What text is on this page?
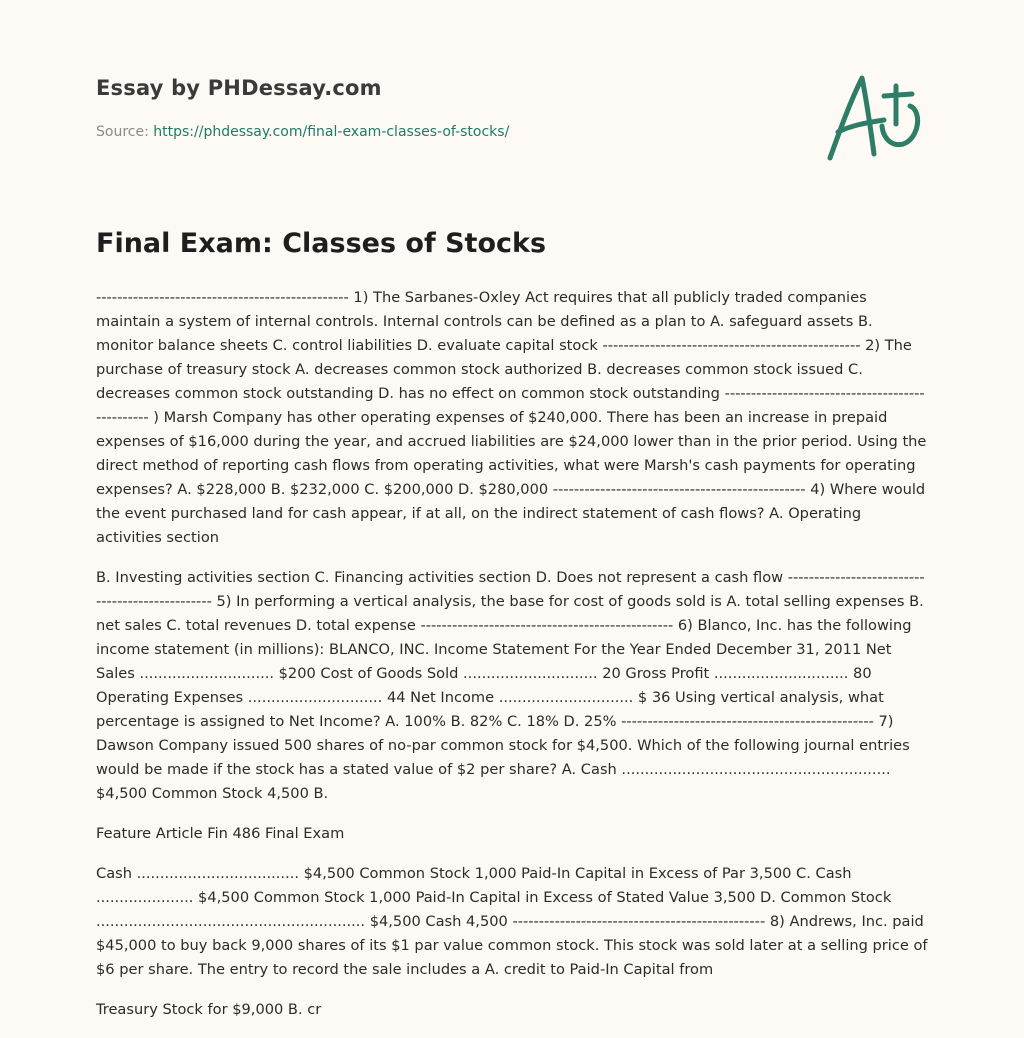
Essay by PHDessay.com
Source: https://phdessay.com/final-exam-classes-of-stocks/
Final Exam: Classes of Stocks

------------------------------------------------ 1) The Sarbanes-Oxley Act requires that all publicly traded companies maintain a system of internal controls. Internal controls can be defined as a plan to A. safeguard assets B. monitor balance sheets C. control liabilities D. evaluate capital stock ------------------------------------------------- 2) The purchase of treasury stock A. decreases common stock authorized B. decreases common stock issued C. decreases common stock outstanding D. has no effect on common stock outstanding ------------------------------------------------ ) Marsh Company has other operating expenses of $240,000. There has been an increase in prepaid expenses of $16,000 during the year, and accrued liabilities are $24,000 lower than in the prior period. Using the direct method of reporting cash flows from operating activities, what were Marsh's cash payments for operating expenses? A. $228,000 B. $232,000 C. $200,000 D. $280,000 ------------------------------------------------ 4) Where would the event purchased land for cash appear, if at all, on the indirect statement of cash flows? A. Operating activities section

B. Investing activities section C. Financing activities section D. Does not represent a cash flow ------------------------------------------------ 5) In performing a vertical analysis, the base for cost of goods sold is A. total selling expenses B. net sales C. total revenues D. total expense ------------------------------------------------ 6) Blanco, Inc. has the following income statement (in millions): BLANCO, INC. Income Statement For the Year Ended December 31, 2011 Net Sales ............................. $200 Cost of Goods Sold ............................. 20 Gross Profit ............................. 80 Operating Expenses ............................. 44 Net Income ............................. $ 36 Using vertical analysis, what percentage is assigned to Net Income? A. 100% B. 82% C. 18% D. 25% ------------------------------------------------ 7) Dawson Company issued 500 shares of no-par common stock for $4,500. Which of the following journal entries would be made if the stock has a stated value of $2 per share? A. Cash .......................................................... $4,500 Common Stock 4,500 B.

Feature Article Fin 486 Final Exam

Cash ................................... $4,500 Common Stock 1,000 Paid-In Capital in Excess of Par 3,500 C. Cash ..................... $4,500 Common Stock 1,000 Paid-In Capital in Excess of Stated Value 3,500 D. Common Stock .......................................................... $4,500 Cash 4,500 ------------------------------------------------ 8) Andrews, Inc. paid $45,000 to buy back 9,000 shares of its $1 par value common stock. This stock was sold later at a selling price of $6 per share. The entry to record the sale includes a A. credit to Paid-In Capital from

Treasury Stock for $9,000 B. cr
